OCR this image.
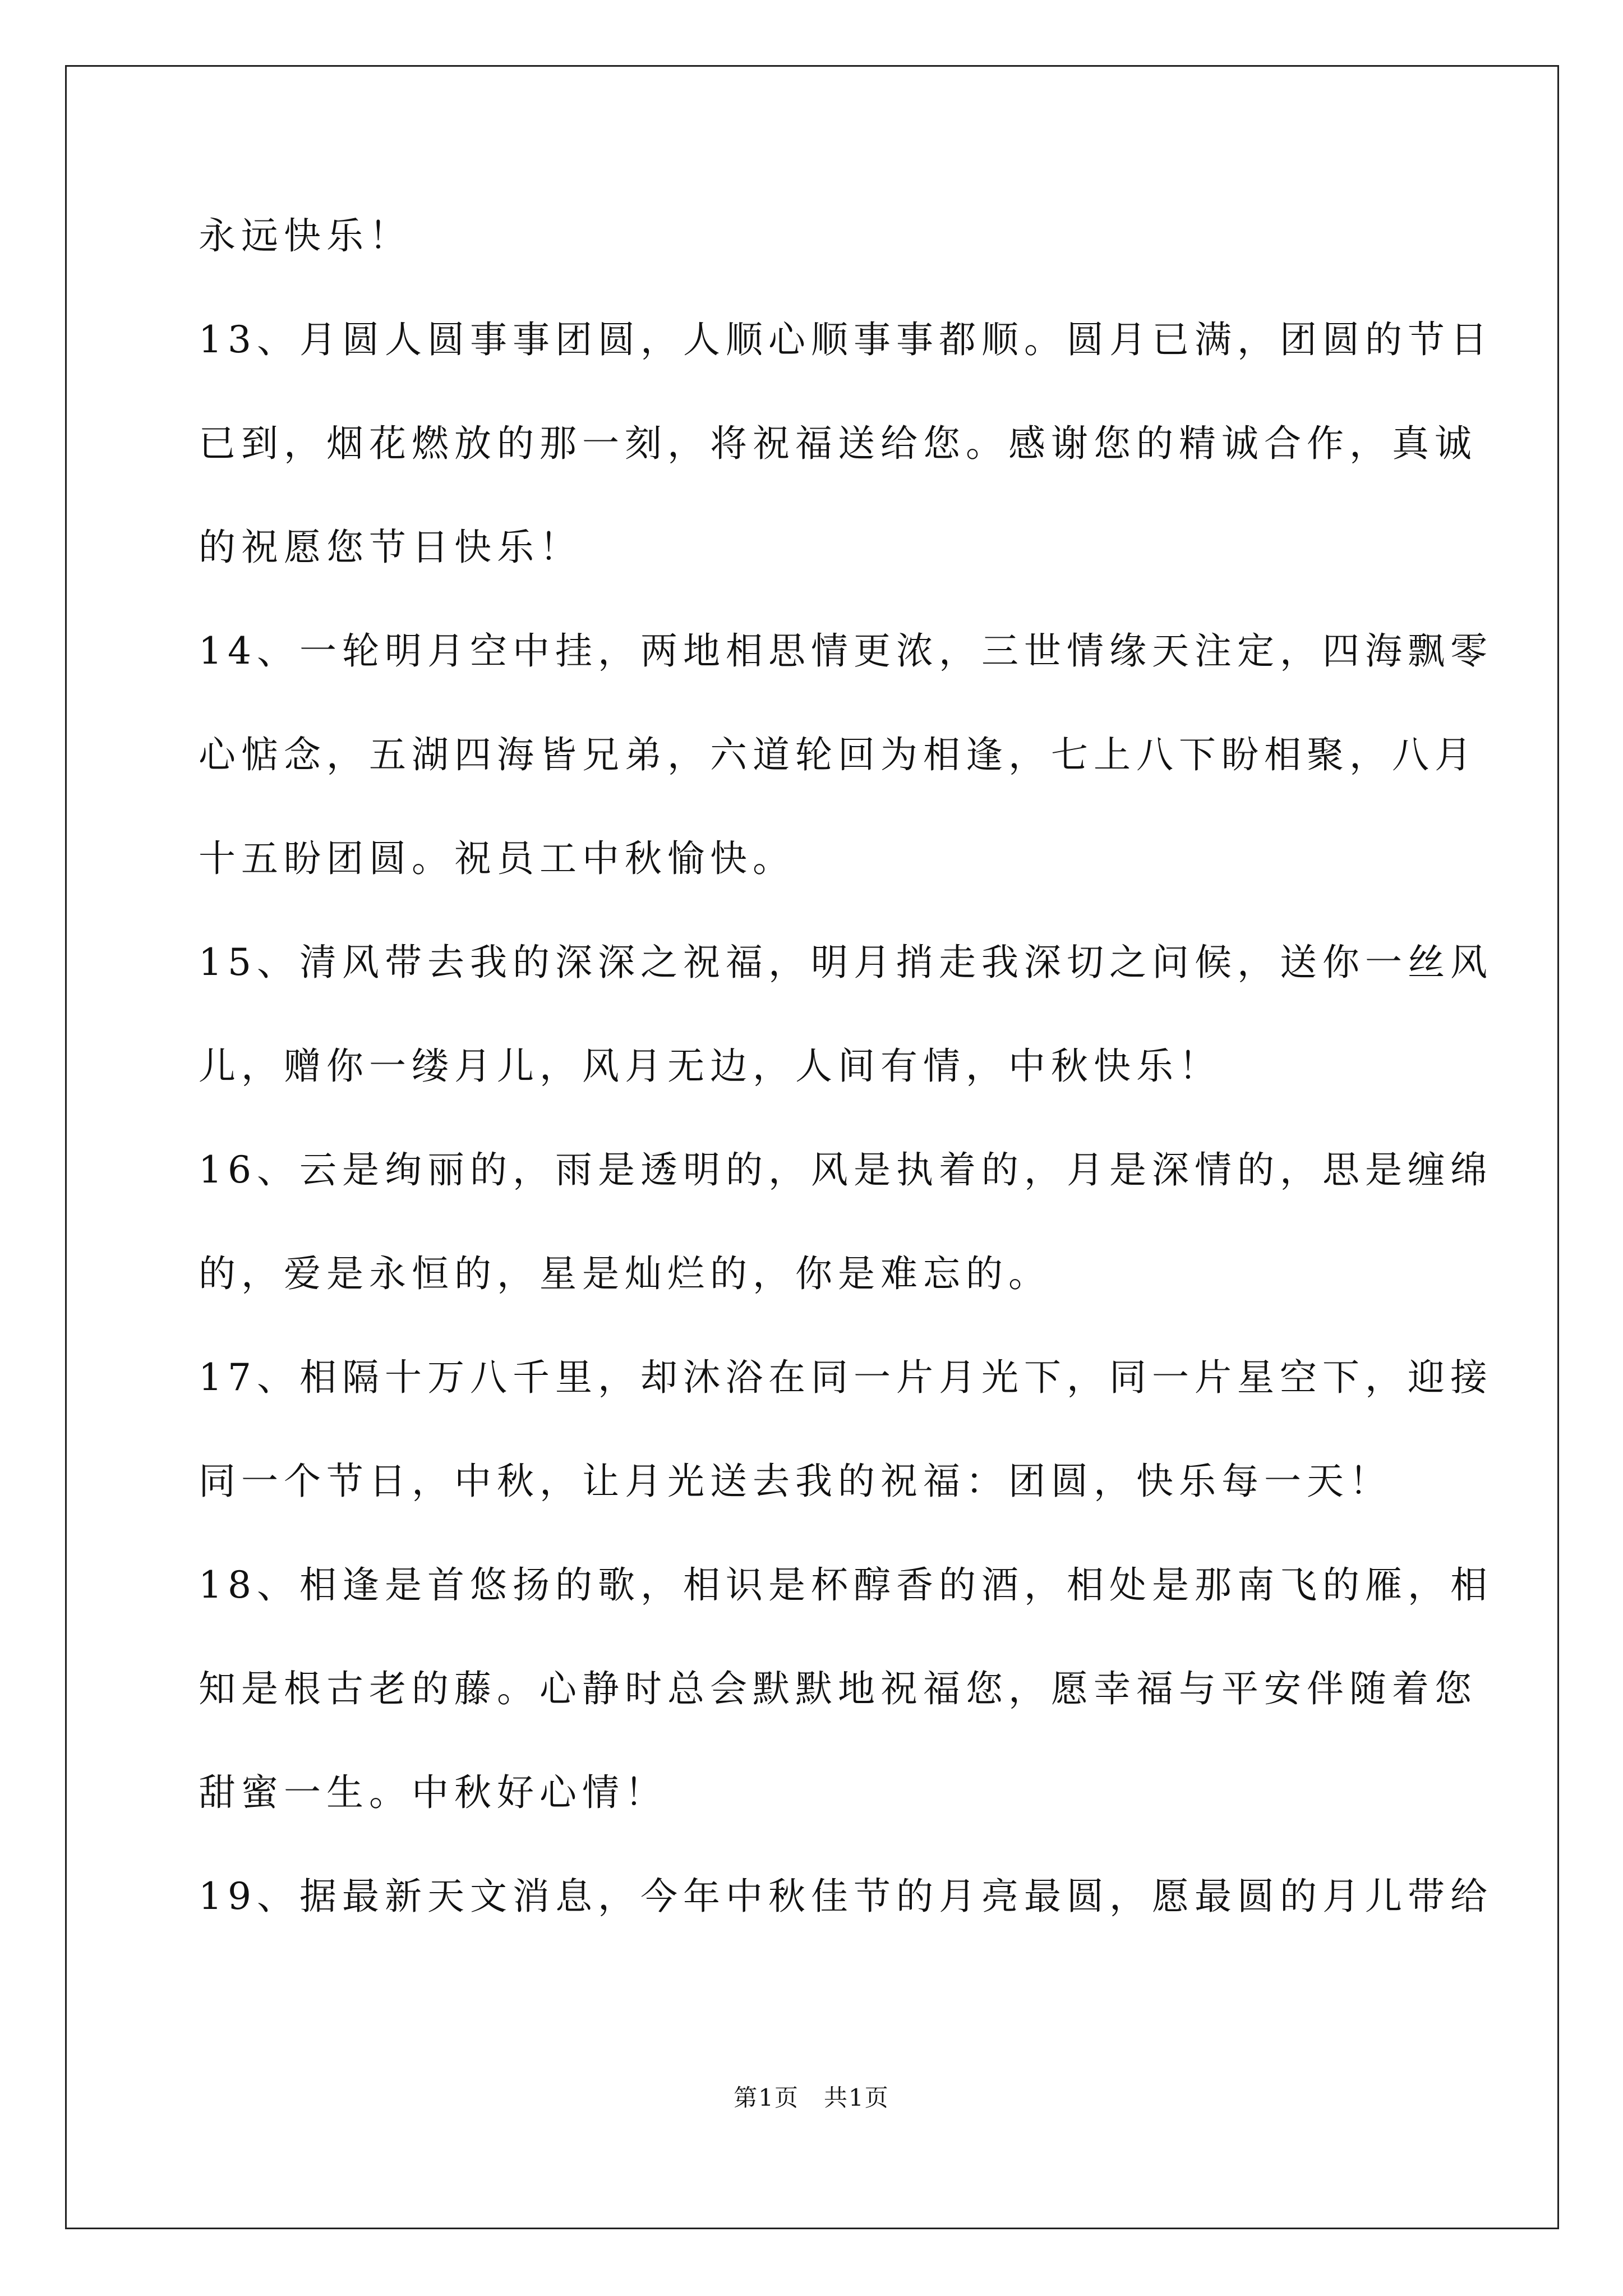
永远快乐！
13、月圆人圆事事团圆，人顺心顺事事都顺。圆月已满，团圆的节日
已到，烟花燃放的那一刻，将祝福送给您。感谢您的精诚合作，真诚
的祝愿您节日快乐！
14、一轮明月空中挂，两地相思情更浓，三世情缘天注定，四海飘零
心惦念，五湖四海皆兄弟，六道轮回为相逢，七上八下盼相聚，八月
十五盼团圆。祝员工中秋愉快。
15、清风带去我的深深之祝福，明月捎走我深切之问候，送你一丝风
儿，赠你一缕月儿，风月无边，人间有情，中秋快乐！
16、云是绚丽的，雨是透明的，风是执着的，月是深情的，思是缠绵
的，爱是永恒的，星是灿烂的，你是难忘的。
17、相隔十万八千里，却沐浴在同一片月光下，同一片星空下，迎接
同一个节日，中秋，让月光送去我的祝福：团圆，快乐每一天！
18、相逢是首悠扬的歌，相识是杯醇香的酒，相处是那南飞的雁，相
知是根古老的藤。心静时总会默默地祝福您，愿幸福与平安伴随着您
甜蜜一生。中秋好心情！
19、据最新天文消息，今年中秋佳节的月亮最圆，愿最圆的月儿带给
第1页　共1页
